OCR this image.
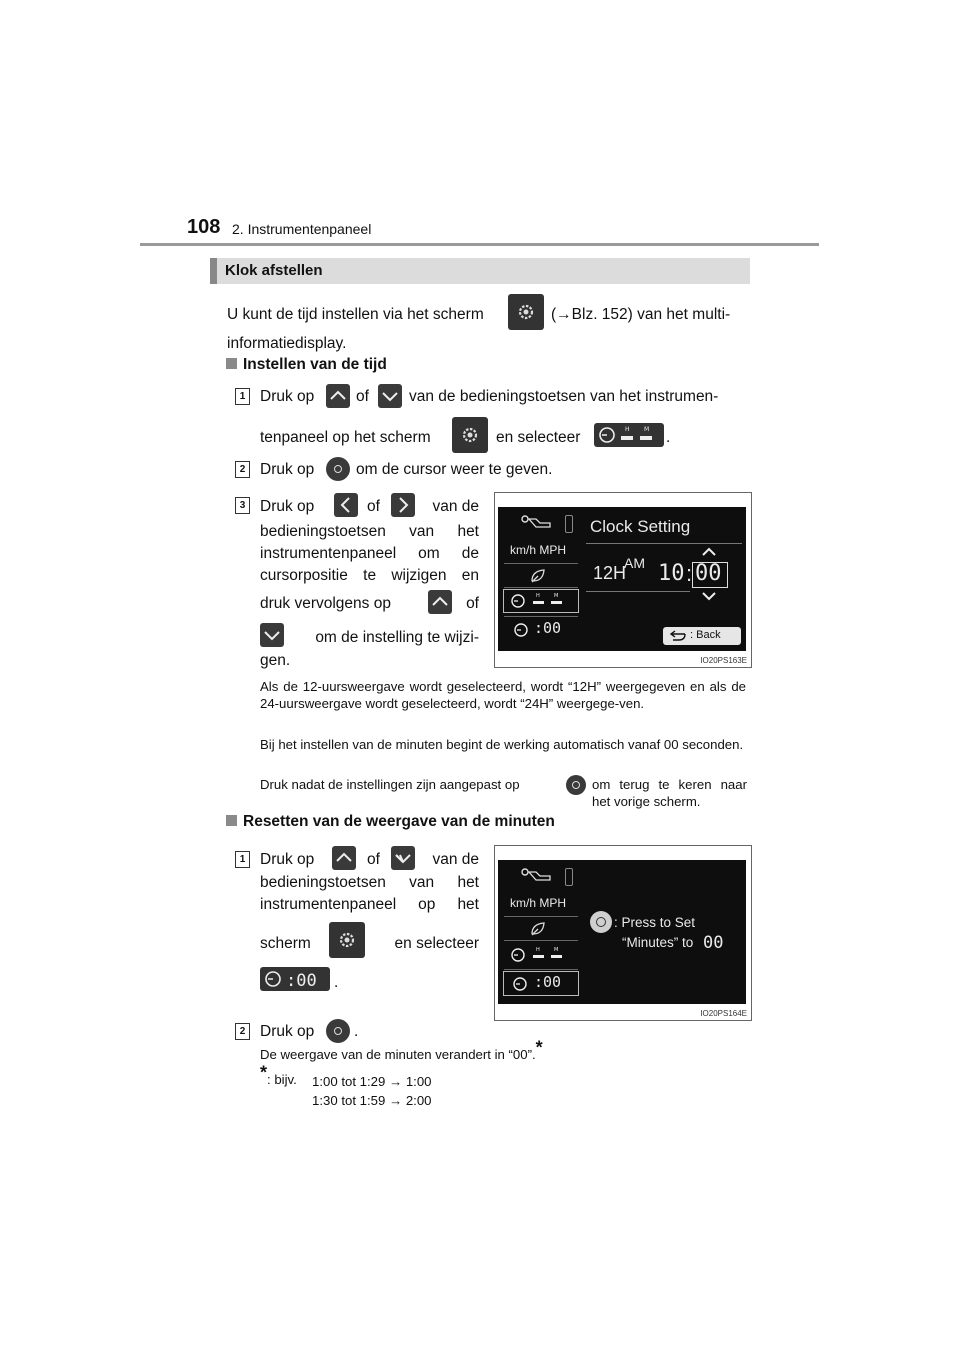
108 2. Instrumentenpaneel
Klok afstellen
U kunt de tijd instellen via het scherm	(→Blz. 152) van het multi-
informatiedisplay.
Instellen van de tijd
1 Druk op	of	van de bedieningstoetsen van het instrumen-
tenpaneel op het scherm	en selecteer	H M .
2 Druk op	om de cursor weer te geven.
3 Druk op	of	van de
bedieningstoetsen van het
instrumentenpaneel om de
cursorpositie te wijzigen en
druk vervolgens op	of
om de instelling te wijzi-
gen.
km/h MPH
H	M
:00
Clock Setting
12H
AM 10 : 00
: Back
IO20PS163E
Als de 12-uursweergave wordt geselecteerd, wordt “12H” weergegeven en als de 24-uursweergave wordt geselecteerd, wordt “24H” weergege-ven.
Bij het instellen van de minuten begint de werking automatisch vanaf 00 seconden.
Druk nadat de instellingen zijn aangepast op	om terug te keren naar het vorige scherm.
Resetten van de weergave van de minuten
1 Druk op	of	van de
bedieningstoetsen van het
instrumentenpaneel op het
scherm	en selecteer
:00 .
2 Druk op	.
De weergave van de minuten verandert in “00”.*
*: bijv. 1:00 tot 1:29 → 1:00
1:30 tot 1:59 → 2:00
km/h MPH
H	M
:00
: Press to Set
“Minutes” to 00
IO20PS164E
